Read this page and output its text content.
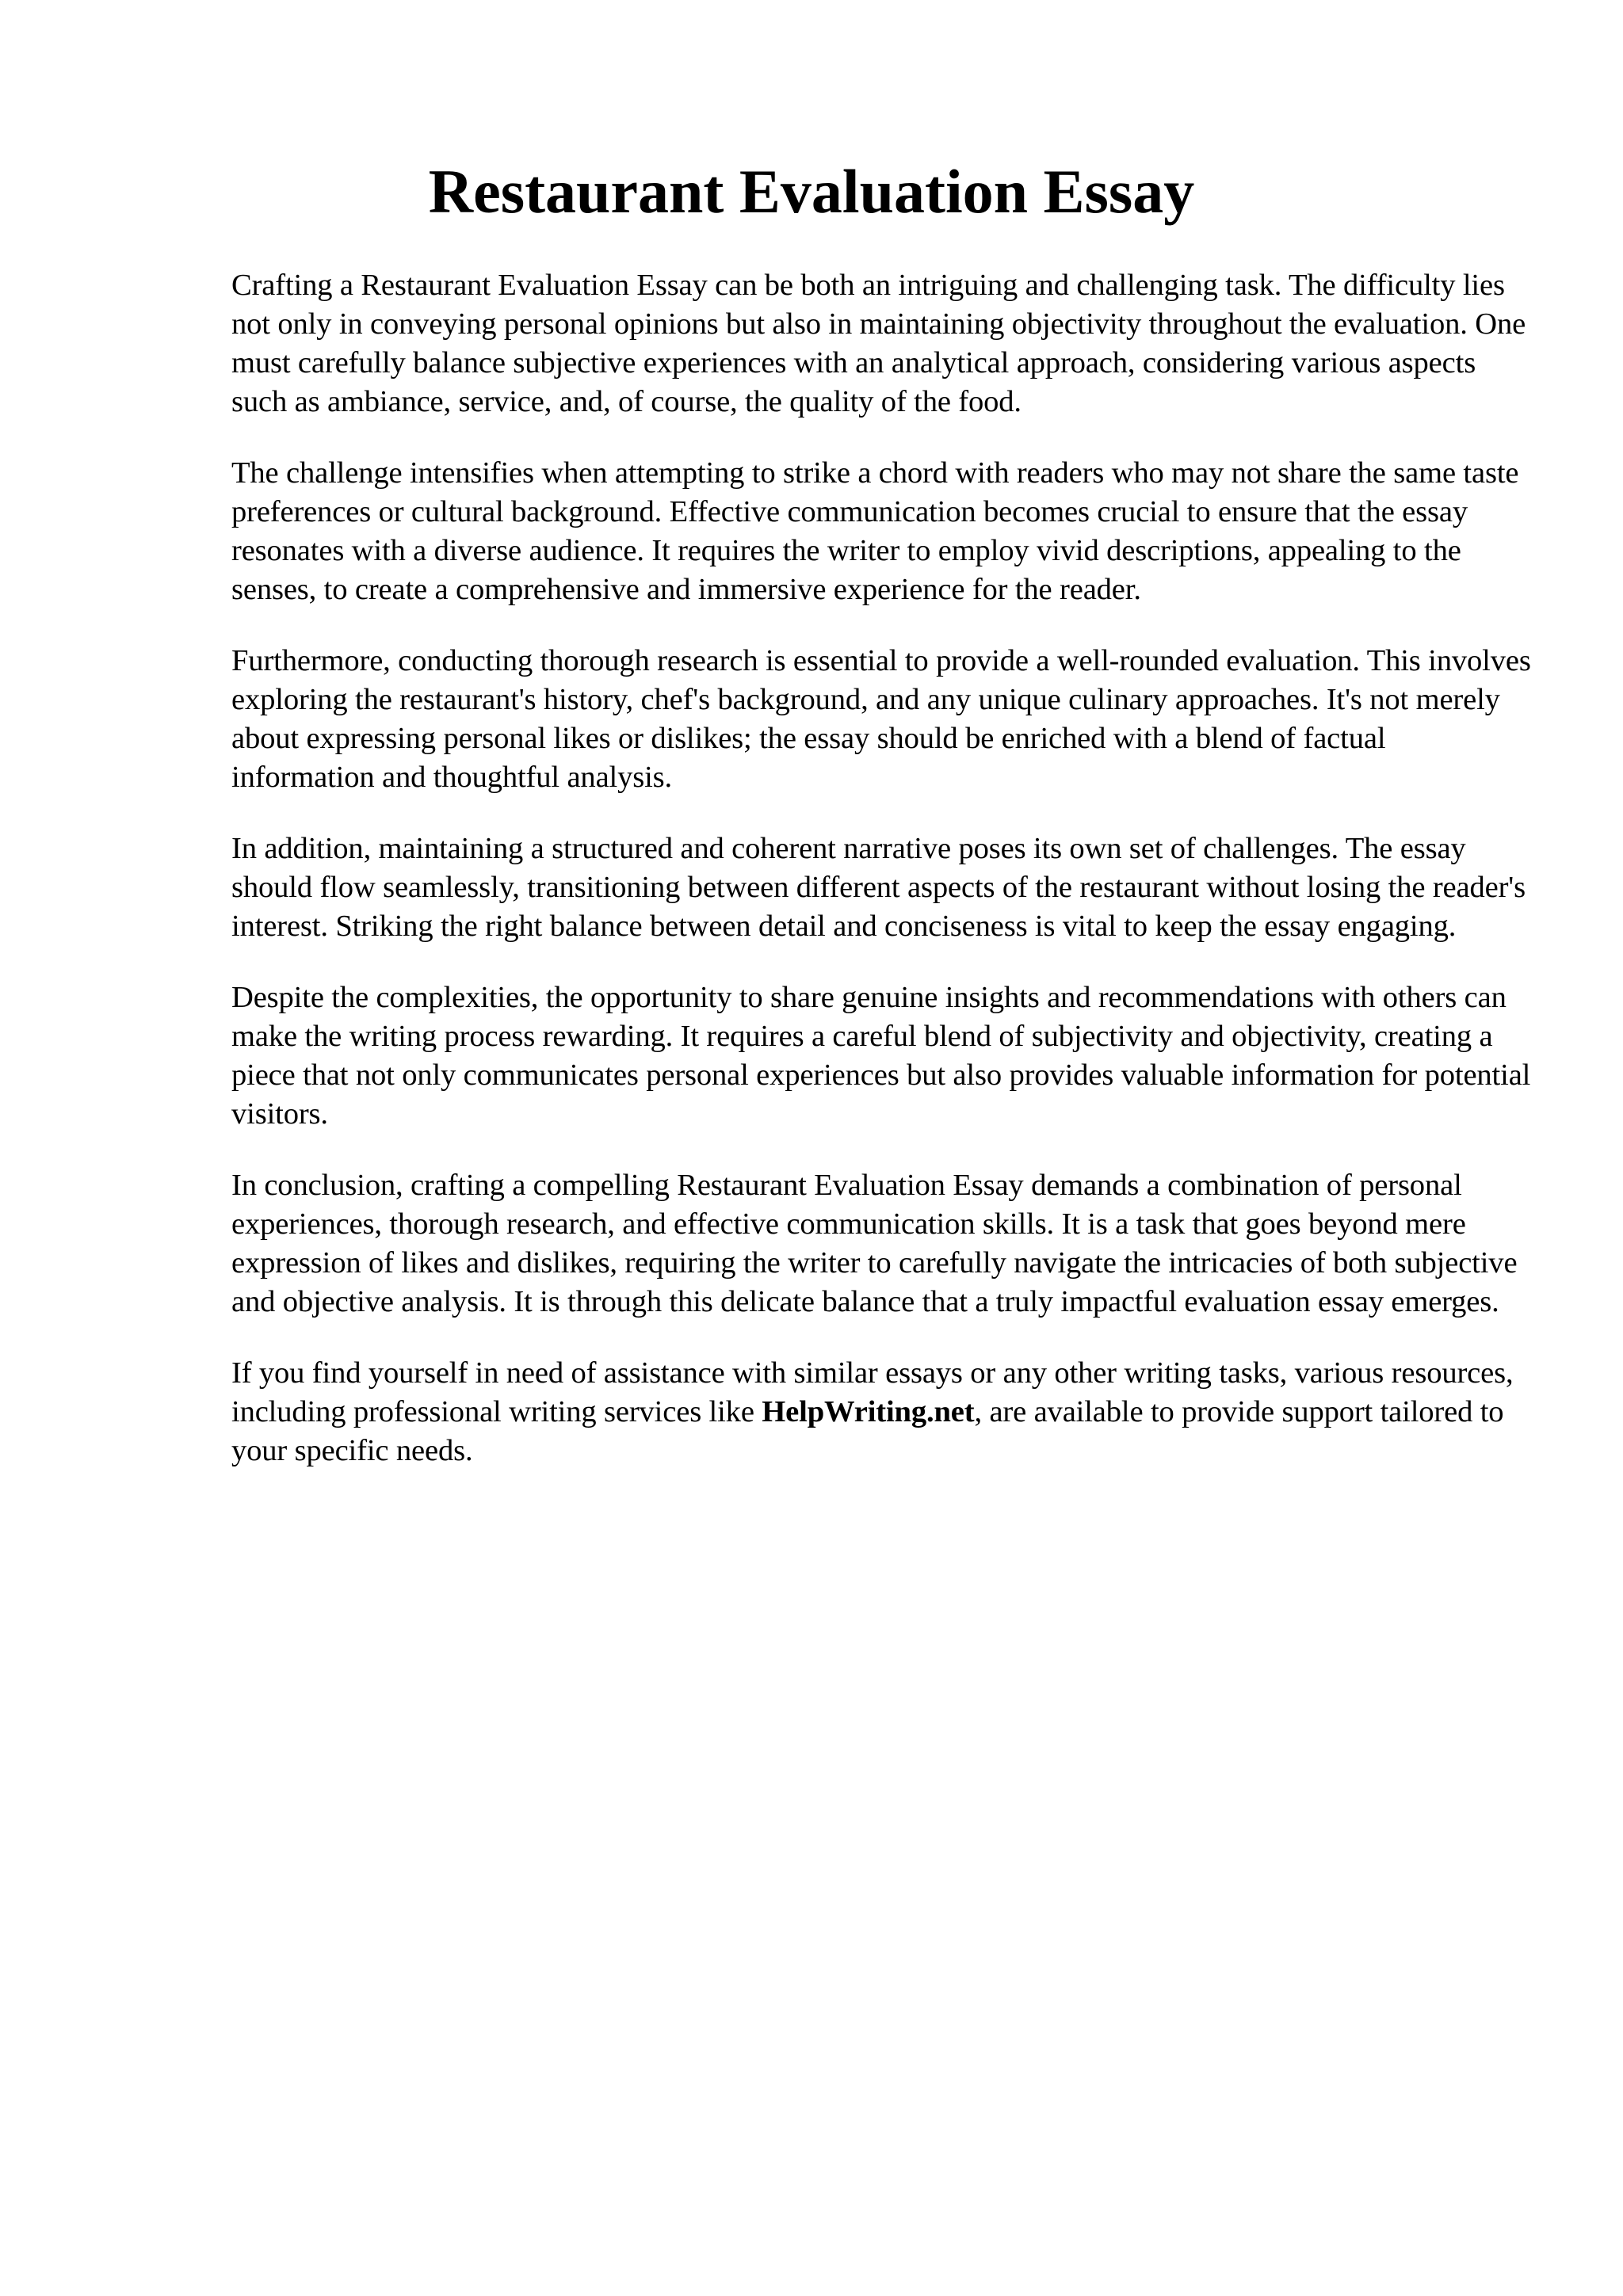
Restaurant Evaluation Essay

Crafting a Restaurant Evaluation Essay can be both an intriguing and challenging task. The difficulty lies not only in conveying personal opinions but also in maintaining objectivity throughout the evaluation. One must carefully balance subjective experiences with an analytical approach, considering various aspects such as ambiance, service, and, of course, the quality of the food.

The challenge intensifies when attempting to strike a chord with readers who may not share the same taste preferences or cultural background. Effective communication becomes crucial to ensure that the essay resonates with a diverse audience. It requires the writer to employ vivid descriptions, appealing to the senses, to create a comprehensive and immersive experience for the reader.

Furthermore, conducting thorough research is essential to provide a well-rounded evaluation. This involves exploring the restaurant's history, chef's background, and any unique culinary approaches. It's not merely about expressing personal likes or dislikes; the essay should be enriched with a blend of factual information and thoughtful analysis.

In addition, maintaining a structured and coherent narrative poses its own set of challenges. The essay should flow seamlessly, transitioning between different aspects of the restaurant without losing the reader's interest. Striking the right balance between detail and conciseness is vital to keep the essay engaging.

Despite the complexities, the opportunity to share genuine insights and recommendations with others can make the writing process rewarding. It requires a careful blend of subjectivity and objectivity, creating a piece that not only communicates personal experiences but also provides valuable information for potential visitors.

In conclusion, crafting a compelling Restaurant Evaluation Essay demands a combination of personal experiences, thorough research, and effective communication skills. It is a task that goes beyond mere expression of likes and dislikes, requiring the writer to carefully navigate the intricacies of both subjective and objective analysis. It is through this delicate balance that a truly impactful evaluation essay emerges.

If you find yourself in need of assistance with similar essays or any other writing tasks, various resources, including professional writing services like HelpWriting.net, are available to provide support tailored to your specific needs.
